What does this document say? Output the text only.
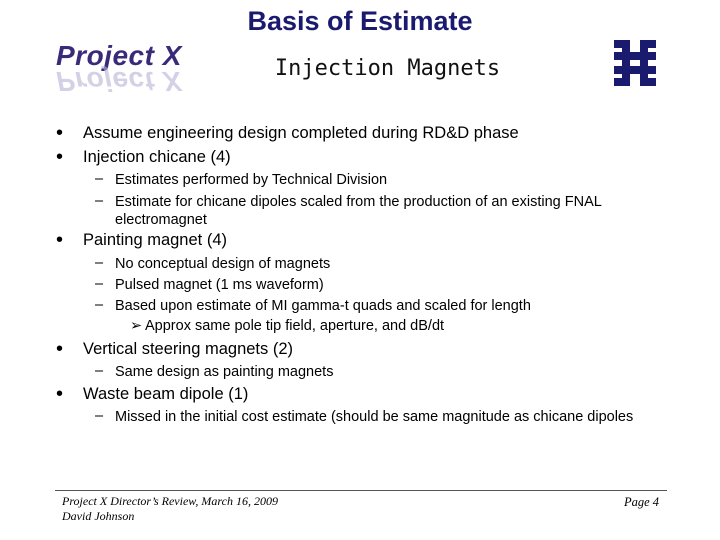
Basis of Estimate
Injection Magnets
Project X
Project X
• Assume engineering design completed during RD&D phase
• Injection chicane (4)
– Estimates performed by Technical Division
– Estimate for chicane dipoles scaled from the production of an existing FNAL electromagnet
• Painting magnet (4)
– No conceptual design of magnets
– Pulsed magnet (1 ms waveform)
– Based upon estimate of MI gamma-t quads and scaled for length
➢ Approx same pole tip field, aperture, and dB/dt
• Vertical steering magnets (2)
– Same design as painting magnets
• Waste beam dipole (1)
– Missed in the initial cost estimate (should be same magnitude as chicane dipoles
Project X Director’s Review, March 16, 2009
David Johnson
Page 4
